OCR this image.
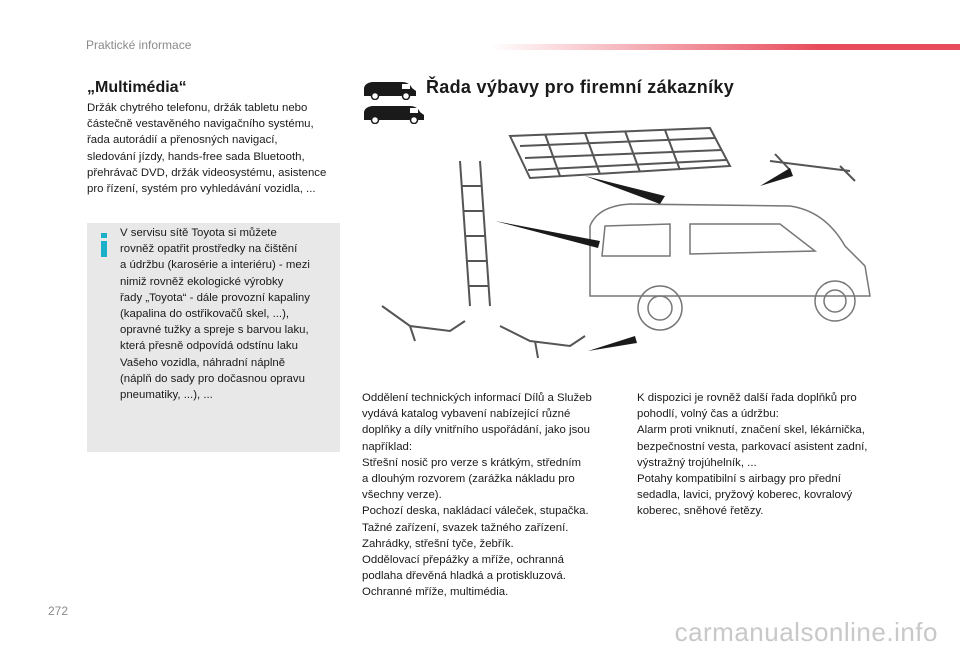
Praktické informace
„Multimédia“
Držák chytrého telefonu, držák tabletu nebo
částečně vestavěného navigačního systému,
řada autorádií a přenosných navigací,
sledování jízdy, hands-free sada Bluetooth,
přehrávač DVD, držák videosystému, asistence
pro řízení, systém pro vyhledávání vozidla, ...
V servisu sítě Toyota si můžete
rovněž opatřit prostředky na čištění
a údržbu (karosérie a interiéru) - mezi
nimiž rovněž ekologické výrobky
řady „Toyota“ - dále provozní kapaliny
(kapalina do ostřikovačů skel, ...),
opravné tužky a spreje s barvou laku,
která přesně odpovídá odstínu laku
Vašeho vozidla, náhradní náplně
(náplň do sady pro dočasnou opravu
pneumatiky, ...), ...
Řada výbavy pro firemní zákazníky
Oddělení technických informací Dílů a Služeb
vydává katalog vybavení nabízející různé
doplňky a díly vnitřního uspořádání, jako jsou
například:
Střešní nosič pro verze s krátkým, středním
a dlouhým rozvorem (zarážka nákladu pro
všechny verze).
Pochozí deska, nakládací váleček, stupačka.
Tažné zařízení, svazek tažného zařízení.
Zahrádky, střešní tyče, žebřík.
Oddělovací přepážky a mříže, ochranná
podlaha dřevěná hladká a protiskluzová.
Ochranné mříže, multimédia.
K dispozici je rovněž další řada doplňků pro
pohodlí, volný čas a údržbu:
Alarm proti vniknutí, značení skel, lékárnička,
bezpečnostní vesta, parkovací asistent zadní,
výstražný trojúhelník, ...
Potahy kompatibilní s airbagy pro přední
sedadla, lavici, pryžový koberec, kovralový
koberec, sněhové řetězy.
272
carmanualsonline.info
